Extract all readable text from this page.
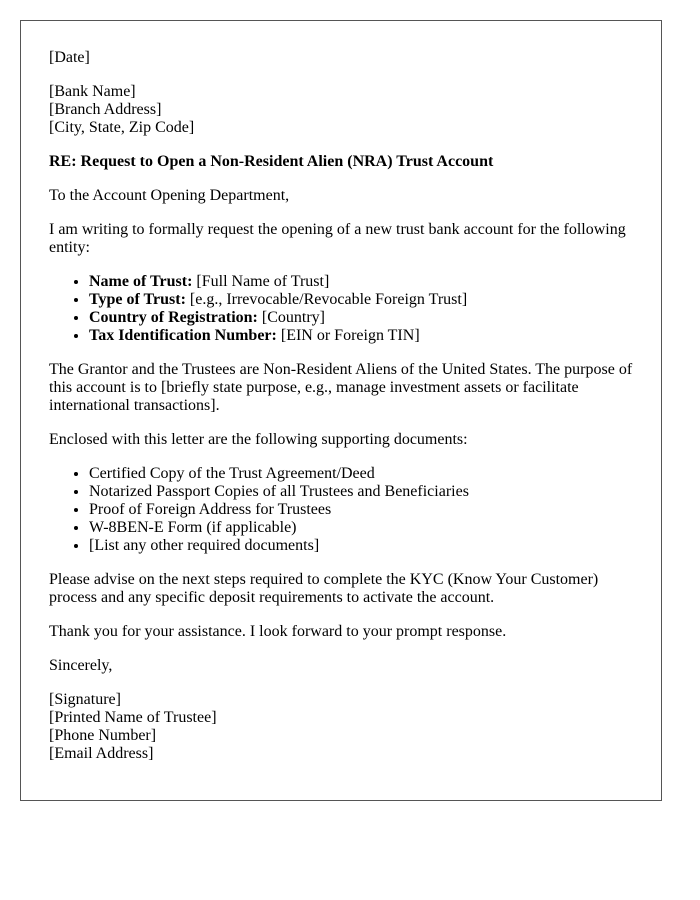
[Date]

[Bank Name]
[Branch Address]
[City, State, Zip Code]

RE: Request to Open a Non-Resident Alien (NRA) Trust Account

To the Account Opening Department,

I am writing to formally request the opening of a new trust bank account for the following entity:

• Name of Trust: [Full Name of Trust]
• Type of Trust: [e.g., Irrevocable/Revocable Foreign Trust]
• Country of Registration: [Country]
• Tax Identification Number: [EIN or Foreign TIN]

The Grantor and the Trustees are Non-Resident Aliens of the United States. The purpose of this account is to [briefly state purpose, e.g., manage investment assets or facilitate international transactions].

Enclosed with this letter are the following supporting documents:

• Certified Copy of the Trust Agreement/Deed
• Notarized Passport Copies of all Trustees and Beneficiaries
• Proof of Foreign Address for Trustees
• W-8BEN-E Form (if applicable)
• [List any other required documents]

Please advise on the next steps required to complete the KYC (Know Your Customer) process and any specific deposit requirements to activate the account.

Thank you for your assistance. I look forward to your prompt response.

Sincerely,

[Signature]
[Printed Name of Trustee]
[Phone Number]
[Email Address]
